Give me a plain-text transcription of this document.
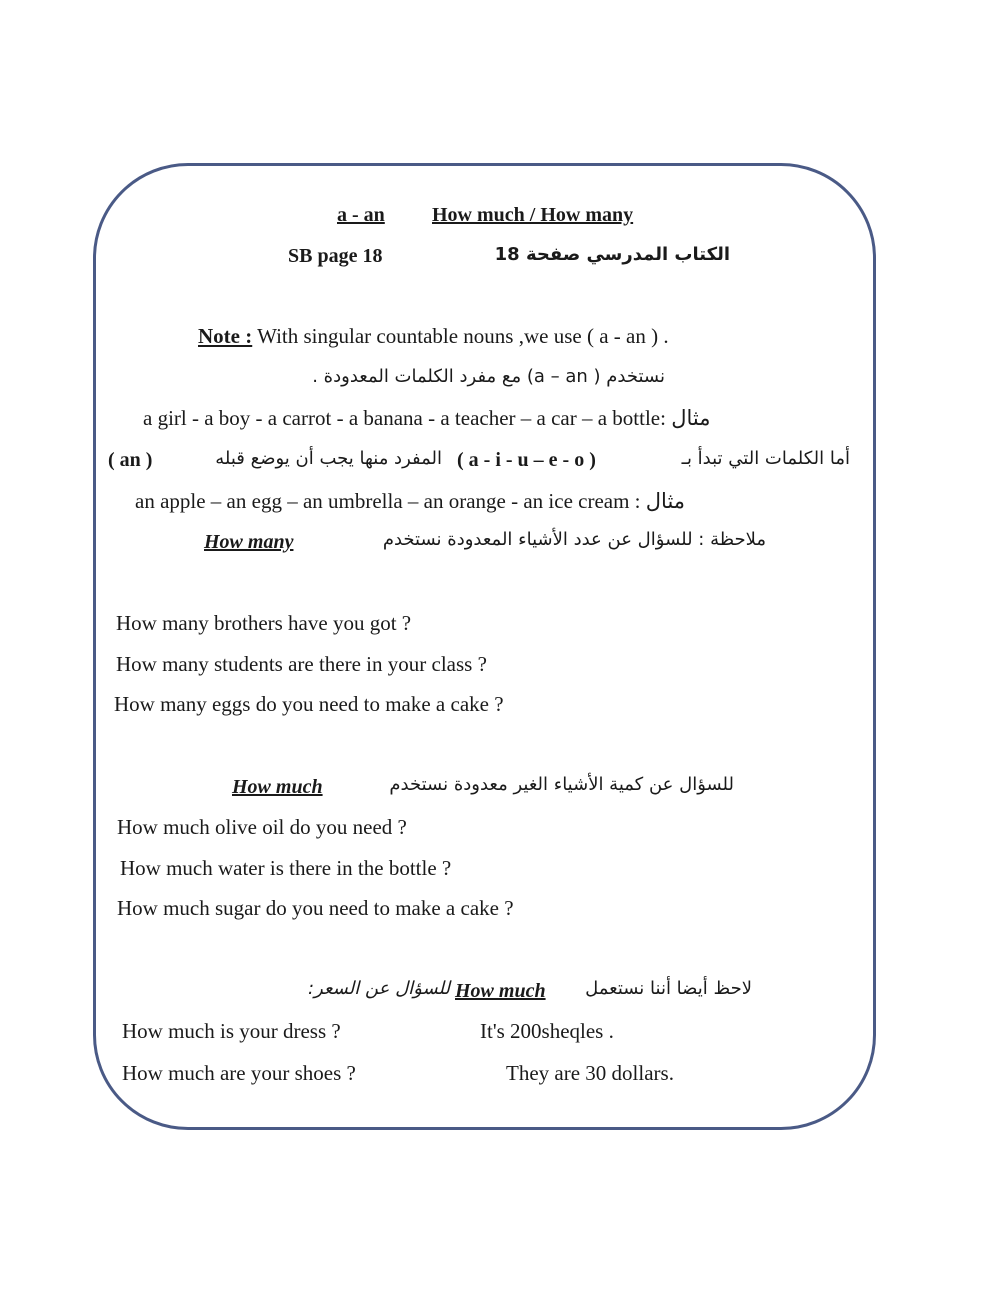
a - an How much / How many
SB page 18	الكتاب المدرسي صفحة 18
Note : With singular countable nouns ,we use ( a - an ) .
نستخدم ( a – an) مع مفرد الكلمات المعدودة .
a girl - a boy - a carrot - a banana - a teacher – a car – a bottle: مثال
أما الكلمات التي تبدأ بـ
( a - i - u – e - o )
المفرد منها يجب أن يوضع قبله
( an )
an apple – an egg – an umbrella – an orange - an ice cream : مثال
ملاحظة : للسؤال عن عدد الأشياء المعدودة نستخدم
How many
How many brothers have you got ?
How many students are there in your class ?
How many eggs do you need to make a cake ?
للسؤال عن كمية الأشياء الغير معدودة نستخدم
How much
How much olive oil do you need ?
How much water is there in the bottle ?
How much sugar do you need to make a cake ?
لاحظ أيضا أننا نستعمل
How much
للسؤال عن السعر:
How much is your dress ?	It's 200sheqles .
How much are your shoes ?	They are 30 dollars.
